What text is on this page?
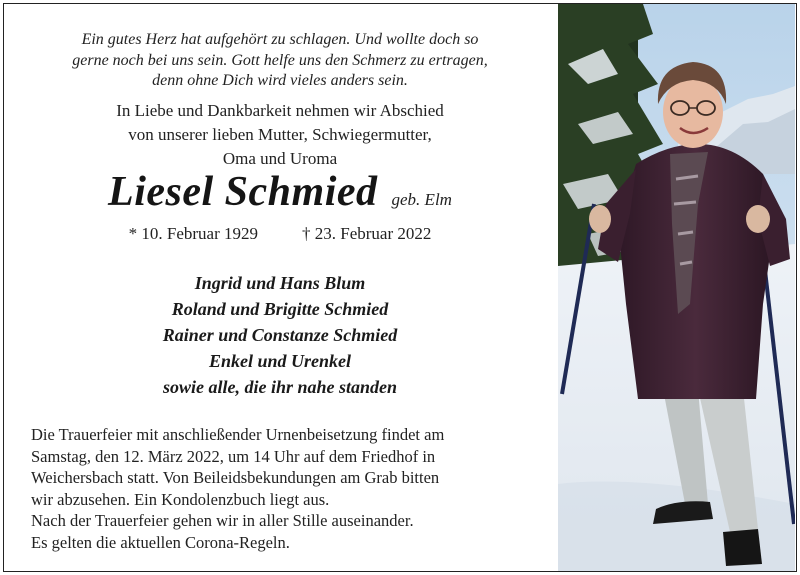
Ein gutes Herz hat aufgehört zu schlagen. Und wollte doch so
gerne noch bei uns sein. Gott helfe uns den Schmerz zu ertragen,
denn ohne Dich wird vieles anders sein.
In Liebe und Dankbarkeit nehmen wir Abschied
von unserer lieben Mutter, Schwiegermutter,
Oma und Uroma
Liesel Schmied geb. Elm
* 10. Februar 1929	† 23. Februar 2022
Ingrid und Hans Blum
Roland und Brigitte Schmied
Rainer und Constanze Schmied
Enkel und Urenkel
sowie alle, die ihr nahe standen
Die Trauerfeier mit anschließender Urnenbeisetzung findet am
Samstag, den 12. März 2022, um 14 Uhr auf dem Friedhof in
Weichersbach statt. Von Beileidsbekundungen am Grab bitten
wir abzusehen. Ein Kondolenzbuch liegt aus.
Nach der Trauerfeier gehen wir in aller Stille auseinander.
Es gelten die aktuellen Corona-Regeln.
